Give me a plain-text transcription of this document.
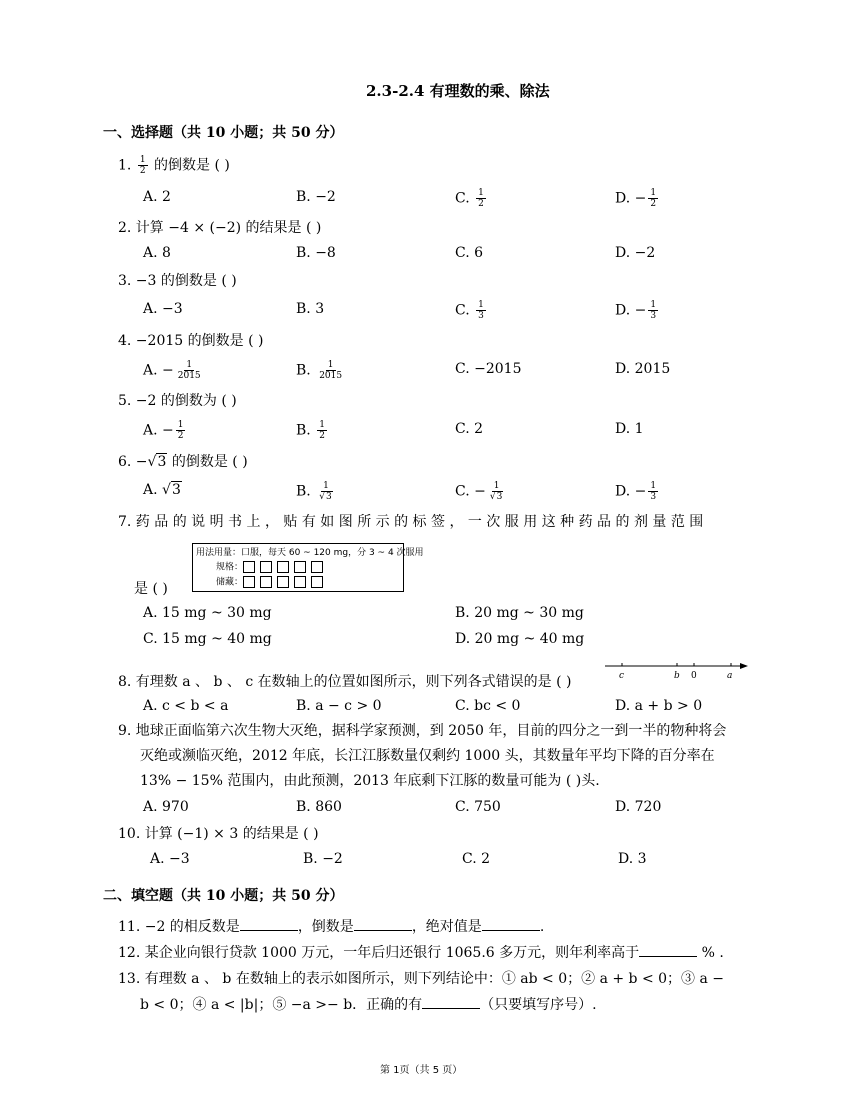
2.3-2.4 有理数的乘、除法
一、选择题（共 10 小题；共 50 分）
1. $\frac{1}{2}$ 的倒数是 ( )
A. 2	B. −2	C. $\frac{1}{2}$	D. − $\frac{1}{2}$
2. 计算 −4 × (−2) 的结果是 ( )
A. 8	B. −8	C. 6	D. −2
3. −3 的倒数是 ( )
A. −3	B. 3	C. $\frac{1}{3}$	D. − $\frac{1}{3}$
4. −2015 的倒数是 ( )
A. − $\frac{1}{2015}$	B. $\frac{1}{2015}$	C. −2015	D. 2015
5. −2 的倒数为 ( )
A. − $\frac{1}{2}$	B. $\frac{1}{2}$	C. 2	D. 1
6. −√3 的倒数是 ( )
A. √3	B. $\frac{1}{√3}$	C. − $\frac{1}{√3}$	D. − $\frac{1}{3}$
7. 药 品 的 说 明 书 上 ， 贴 有 如 图 所 示 的 标 签 ， 一 次 服 用 这 种 药 品 的 剂 量 范 围
用法用量：口服，每天 60 ~ 120 mg，分 3 ~ 4 次服用
规格：
储藏：
是 ( )
A. 15 mg ~ 30 mg	B. 20 mg ~ 30 mg
C. 15 mg ~ 40 mg	D. 20 mg ~ 40 mg
8. 有理数 a 、 b 、 c 在数轴上的位置如图所示，则下列各式错误的是 ( )	c	b 0	a
A. c < b < a	B. a − c > 0	C. bc < 0	D. a + b > 0
9. 地球正面临第六次生物大灭绝，据科学家预测，到 2050 年，目前的四分之一到一半的物种将会
灭绝或濒临灭绝，2012 年底，长江江豚数量仅剩约 1000 头，其数量年平均下降的百分率在
13% − 15% 范围内，由此预测，2013 年底剩下江豚的数量可能为 ( )头.
A. 970	B. 860	C. 750	D. 720
10. 计算 (−1) × 3 的结果是 ( )
A. −3	B. −2	C. 2	D. 3
二、填空题（共 10 小题；共 50 分）
11. −2 的相反数是	，倒数是	，绝对值是	.
12. 某企业向银行贷款 1000 万元，一年后归还银行 1065.6 多万元，则年利率高于	% .
13. 有理数 a 、 b 在数轴上的表示如图所示，则下列结论中：① ab < 0；② a + b < 0；③ a −
b < 0；④ a < |b|；⑤ −a >− b．正确的有	（只要填写序号）.
第 1页（共 5 页）
